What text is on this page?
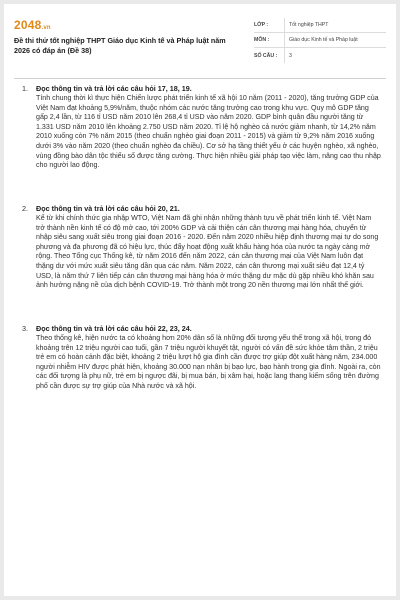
2048.vn
Đề thi thử tốt nghiệp THPT Giáo dục Kinh tế và Pháp luật năm 2026 có đáp án (Đề 38)
LỚP :	Tốt nghiệp THPT
MÔN :	Giáo dục Kinh tế và Pháp luật
SỐ CÂU :	3
1. Đọc thông tin và trả lời các câu hỏi 17, 18, 19.
Tính chung thời kì thực hiện Chiến lược phát triển kinh tế xã hội 10 năm (2011 - 2020), tăng trưởng GDP của Việt Nam đạt khoảng 5,9%/năm, thuộc nhóm các nước tăng trưởng cao trong khu vực. Quy mô GDP tăng gấp 2,4 lần, từ 116 tỉ USD năm 2010 lên 268,4 tỉ USD vào năm 2020. GDP bình quân đầu người tăng từ 1.331 USD năm 2010 lên khoảng 2.750 USD năm 2020. Tỉ lệ hộ nghèo cả nước giảm nhanh, từ 14,2% năm 2010 xuống còn 7% năm 2015 (theo chuẩn nghèo giai đoạn 2011 - 2015) và giảm từ 9,2% năm 2016 xuống dưới 3% vào năm 2020 (theo chuẩn nghèo đa chiều). Cơ sở hạ tầng thiết yếu ở các huyện nghèo, xã nghèo, vùng đồng bào dân tộc thiểu số được tăng cường. Thực hiện nhiều giải pháp tạo việc làm, nâng cao thu nhập cho người lao động.
2. Đọc thông tin và trả lời các câu hỏi 20, 21.
Kể từ khi chính thức gia nhập WTO, Việt Nam đã ghi nhận những thành tựu về phát triển kinh tế. Việt Nam trở thành nền kinh tế có độ mở cao, tới 200% GDP và cải thiện cán cân thương mại hàng hóa, chuyển từ nhập siêu sang xuất siêu trong giai đoạn 2016 - 2020. Đến năm 2020 nhiều hiệp định thương mại tự do song phương và đa phương đã có hiệu lực, thúc đẩy hoạt động xuất khẩu hàng hóa của nước ta ngày càng mở rộng. Theo Tổng cục Thống kê, từ năm 2016 đến năm 2022, cán cân thương mại của Việt Nam luôn đạt thặng dư với mức xuất siêu tăng dần qua các năm. Năm 2022, cán cân thương mại xuất siêu đạt 12,4 tỷ USD, là năm thứ 7 liên tiếp cán cân thương mại hàng hóa ở mức thặng dư mặc dù gặp nhiều khó khăn sau ảnh hưởng nặng nề của dịch bệnh COVID-19. Trở thành một trong 20 nền thương mại lớn nhất thế giới.
3. Đọc thông tin và trả lời các câu hỏi 22, 23, 24.
Theo thống kê, hiện nước ta có khoảng hơn 20% dân số là những đối tượng yếu thế trong xã hội, trong đó khoảng trên 12 triệu người cao tuổi, gần 7 triệu người khuyết tật, người có vấn đề sức khỏe tâm thần, 2 triệu trẻ em có hoàn cảnh đặc biệt, khoảng 2 triệu lượt hộ gia đình cần được trợ giúp đột xuất hàng năm, 234.000 người nhiễm HIV được phát hiện, khoảng 30.000 nạn nhân bị bạo lực, bạo hành trong gia đình. Ngoài ra, còn các đối tượng là phụ nữ, trẻ em bị ngược đãi, bị mua bán, bị xâm hại, hoặc lang thang kiếm sống trên đường phố cần được sự trợ giúp của Nhà nước và xã hội.
